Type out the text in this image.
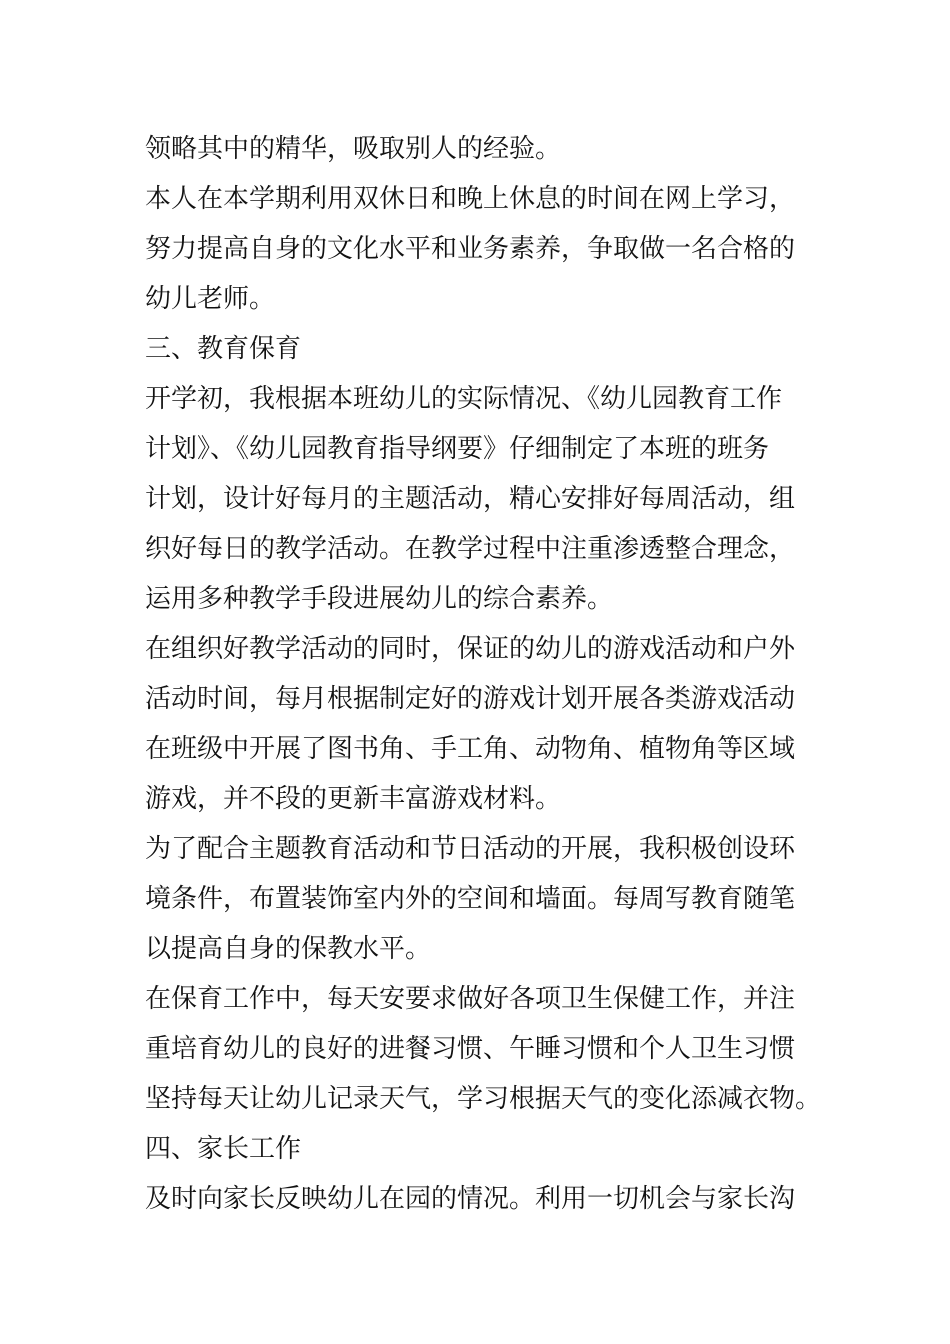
领略其中的精华，吸取别人的经验。

本人在本学期利用双休日和晚上休息的时间在网上学习，

努力提高自身的文化水平和业务素养，争取做一名合格的

幼儿老师。

三、教育保育

开学初，我根据本班幼儿的实际情况、《幼儿园教育工作

计划》、《幼儿园教育指导纲要》仔细制定了本班的班务

计划，设计好每月的主题活动，精心安排好每周活动，组

织好每日的教学活动。在教学过程中注重渗透整合理念，

运用多种教学手段进展幼儿的综合素养。

在组织好教学活动的同时，保证的幼儿的游戏活动和户外

活动时间，每月根据制定好的游戏计划开展各类游戏活动

在班级中开展了图书角、手工角、动物角、植物角等区域

游戏，并不段的更新丰富游戏材料。

为了配合主题教育活动和节日活动的开展，我积极创设环

境条件，布置装饰室内外的空间和墙面。每周写教育随笔

以提高自身的保教水平。

在保育工作中，每天安要求做好各项卫生保健工作，并注

重培育幼儿的良好的进餐习惯、午睡习惯和个人卫生习惯

坚持每天让幼儿记录天气，学习根据天气的变化添减衣物。

四、家长工作

及时向家长反映幼儿在园的情况。利用一切机会与家长沟
